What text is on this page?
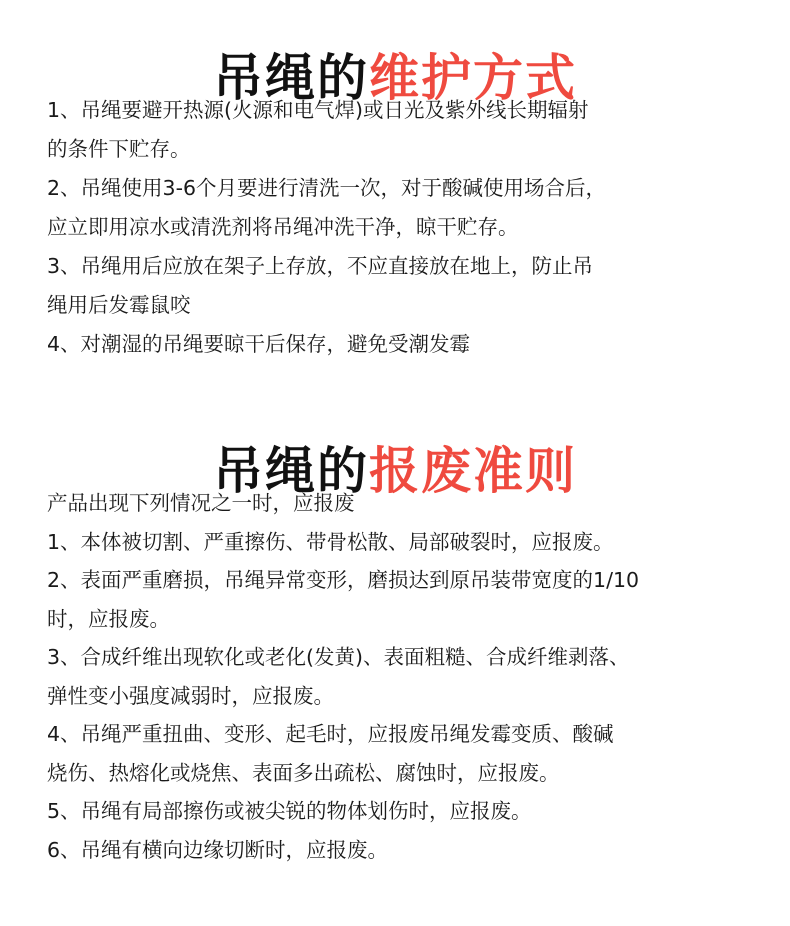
吊绳的维护方式
1、吊绳要避开热源(火源和电气焊)或日光及紫外线长期辐射
的条件下贮存。
2、吊绳使用3-6个月要进行清洗一次，对于酸碱使用场合后，
应立即用凉水或清洗剂将吊绳冲洗干净，晾干贮存。
3、吊绳用后应放在架子上存放，不应直接放在地上，防止吊
绳用后发霉鼠咬
4、对潮湿的吊绳要晾干后保存，避免受潮发霉
吊绳的报废准则
产品出现下列情况之一时，应报废
1、本体被切割、严重擦伤、带骨松散、局部破裂时，应报废。
2、表面严重磨损，吊绳异常变形，磨损达到原吊装带宽度的1/10
时，应报废。
3、合成纤维出现软化或老化(发黄)、表面粗糙、合成纤维剥落、
弹性变小强度减弱时，应报废。
4、吊绳严重扭曲、变形、起毛时，应报废吊绳发霉变质、酸碱
烧伤、热熔化或烧焦、表面多出疏松、腐蚀时，应报废。
5、吊绳有局部擦伤或被尖锐的物体划伤时，应报废。
6、吊绳有横向边缘切断时，应报废。
